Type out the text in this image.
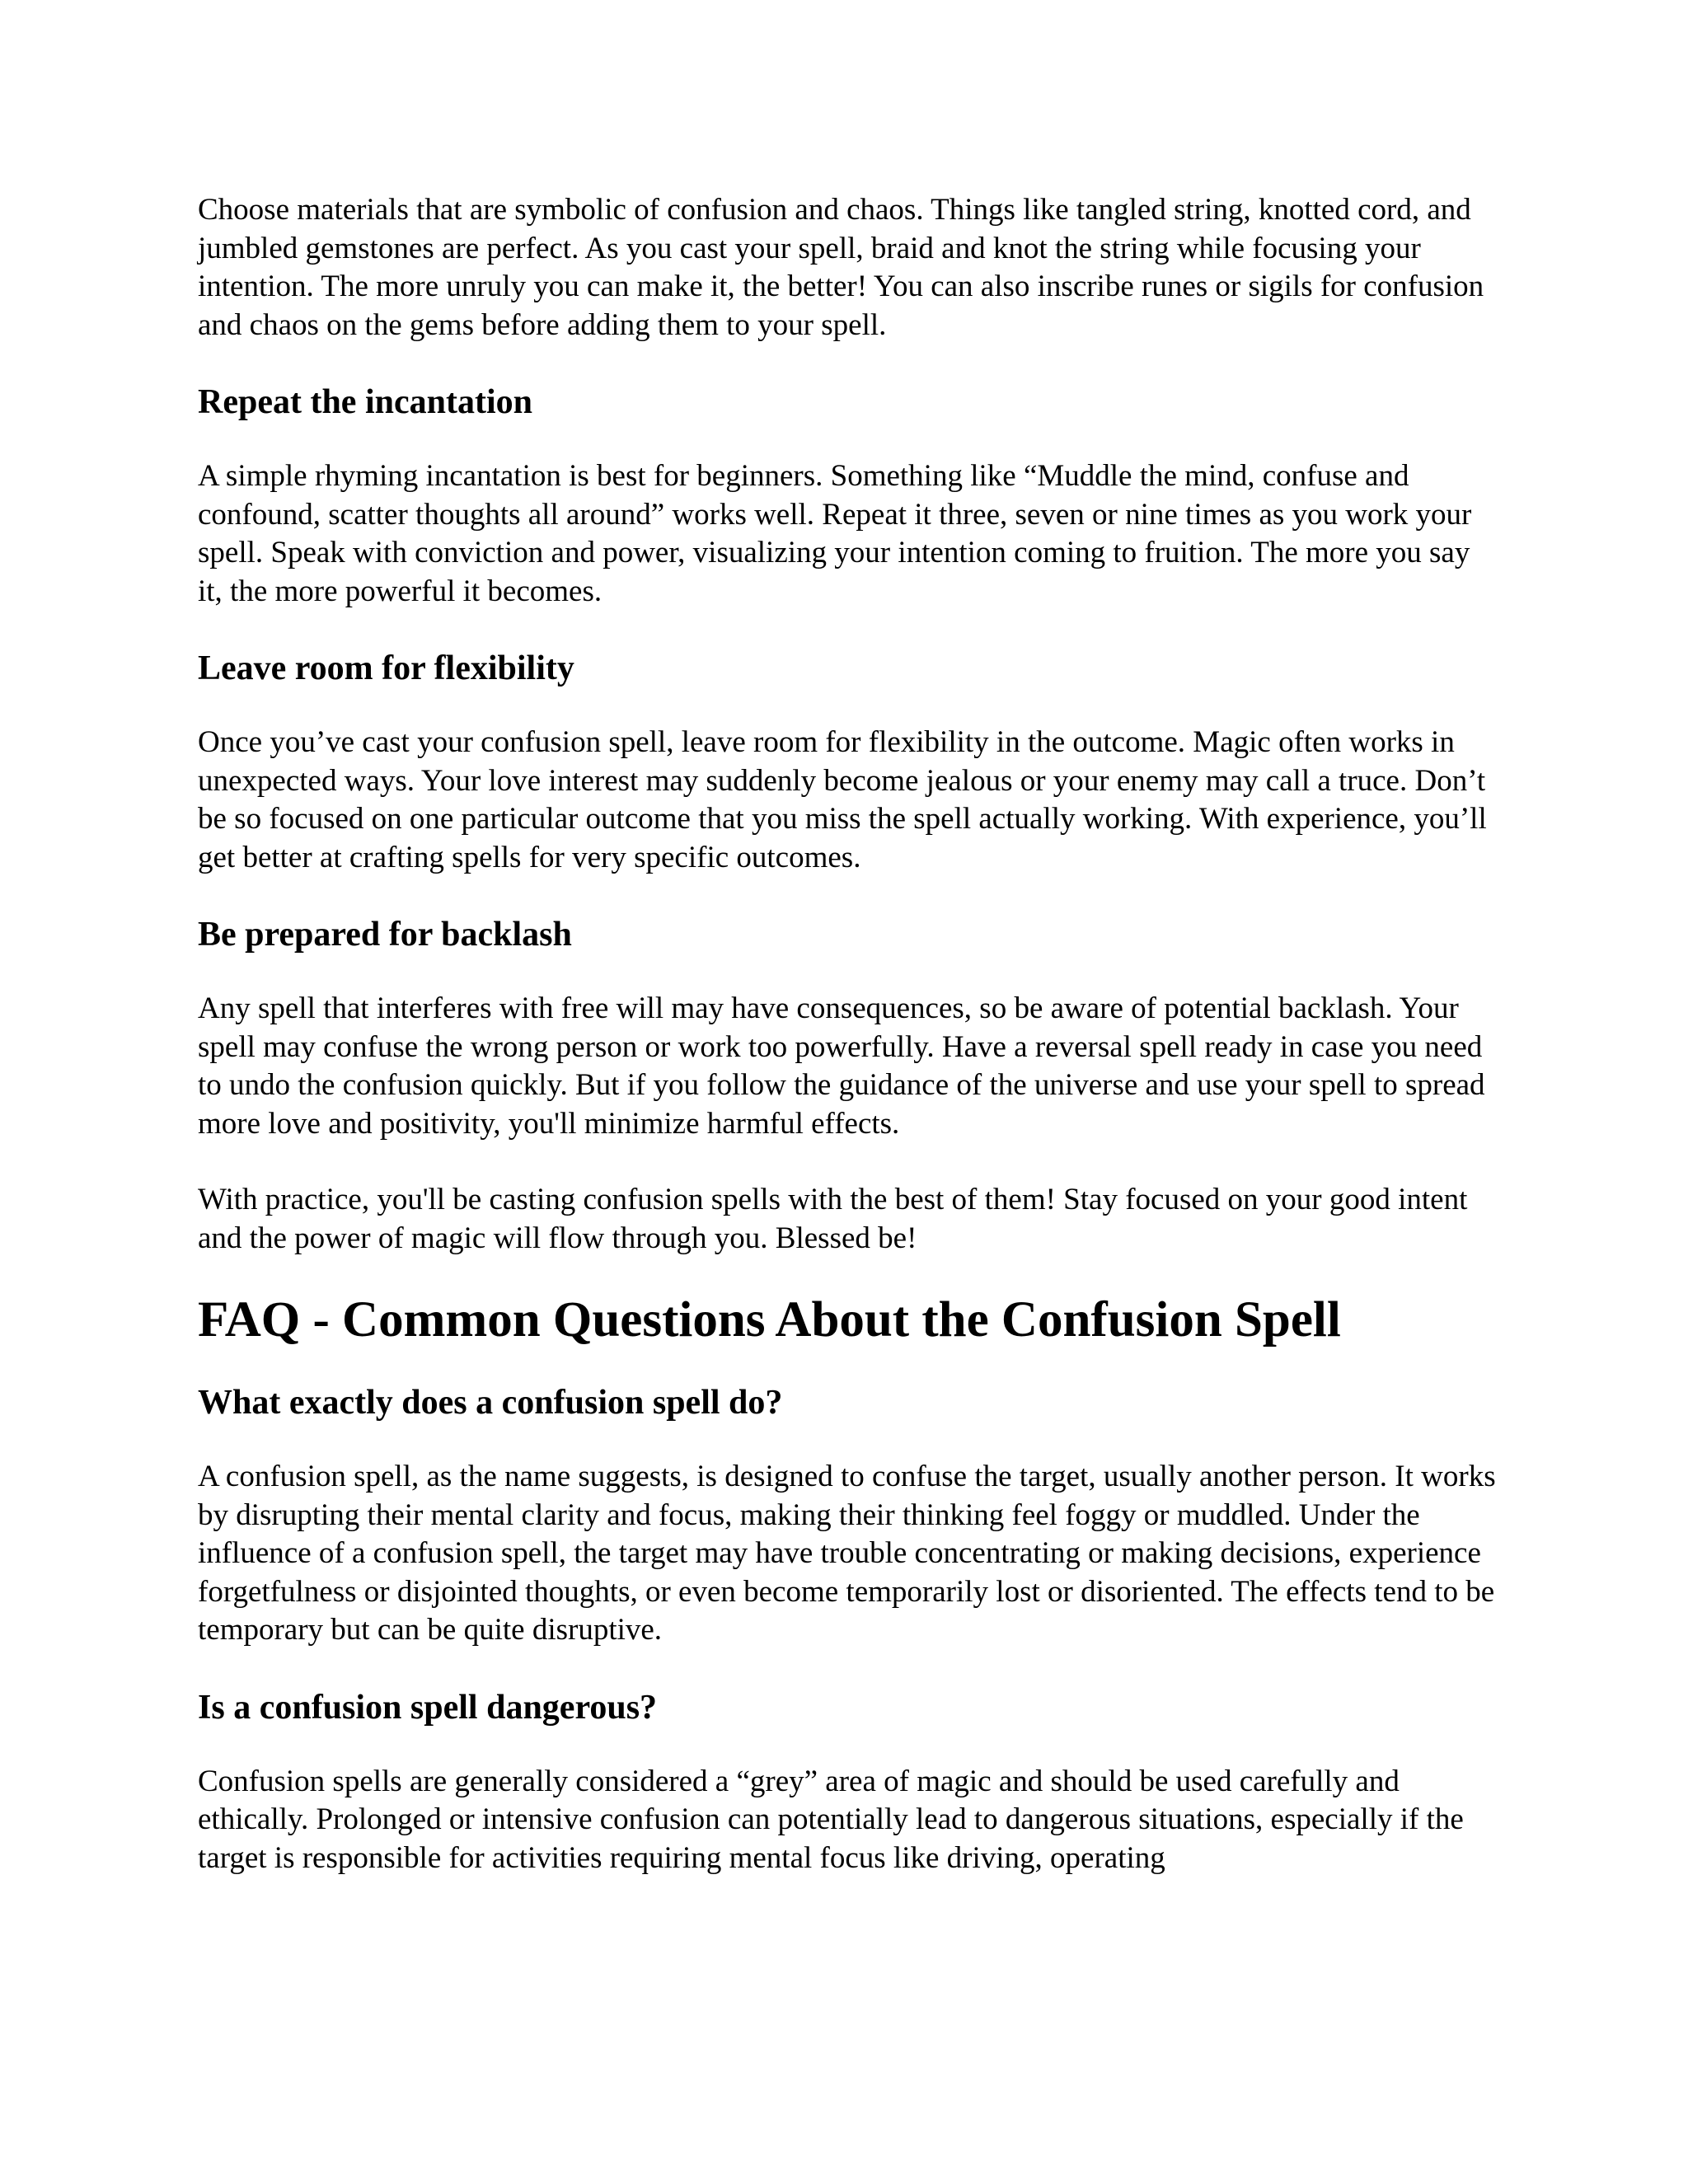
Choose materials that are symbolic of confusion and chaos. Things like tangled string, knotted cord, and jumbled gemstones are perfect. As you cast your spell, braid and knot the string while focusing your intention. The more unruly you can make it, the better! You can also inscribe runes or sigils for confusion and chaos on the gems before adding them to your spell.

Repeat the incantation

A simple rhyming incantation is best for beginners. Something like “Muddle the mind, confuse and confound, scatter thoughts all around” works well. Repeat it three, seven or nine times as you work your spell. Speak with conviction and power, visualizing your intention coming to fruition. The more you say it, the more powerful it becomes.

Leave room for flexibility

Once you’ve cast your confusion spell, leave room for flexibility in the outcome. Magic often works in unexpected ways. Your love interest may suddenly become jealous or your enemy may call a truce. Don’t be so focused on one particular outcome that you miss the spell actually working. With experience, you’ll get better at crafting spells for very specific outcomes.

Be prepared for backlash

Any spell that interferes with free will may have consequences, so be aware of potential backlash. Your spell may confuse the wrong person or work too powerfully. Have a reversal spell ready in case you need to undo the confusion quickly. But if you follow the guidance of the universe and use your spell to spread more love and positivity, you'll minimize harmful effects.

With practice, you'll be casting confusion spells with the best of them! Stay focused on your good intent and the power of magic will flow through you. Blessed be!

FAQ - Common Questions About the Confusion Spell
What exactly does a confusion spell do?

A confusion spell, as the name suggests, is designed to confuse the target, usually another person. It works by disrupting their mental clarity and focus, making their thinking feel foggy or muddled. Under the influence of a confusion spell, the target may have trouble concentrating or making decisions, experience forgetfulness or disjointed thoughts, or even become temporarily lost or disoriented. The effects tend to be temporary but can be quite disruptive.

Is a confusion spell dangerous?

Confusion spells are generally considered a “grey” area of magic and should be used carefully and ethically. Prolonged or intensive confusion can potentially lead to dangerous situations, especially if the target is responsible for activities requiring mental focus like driving, operating
